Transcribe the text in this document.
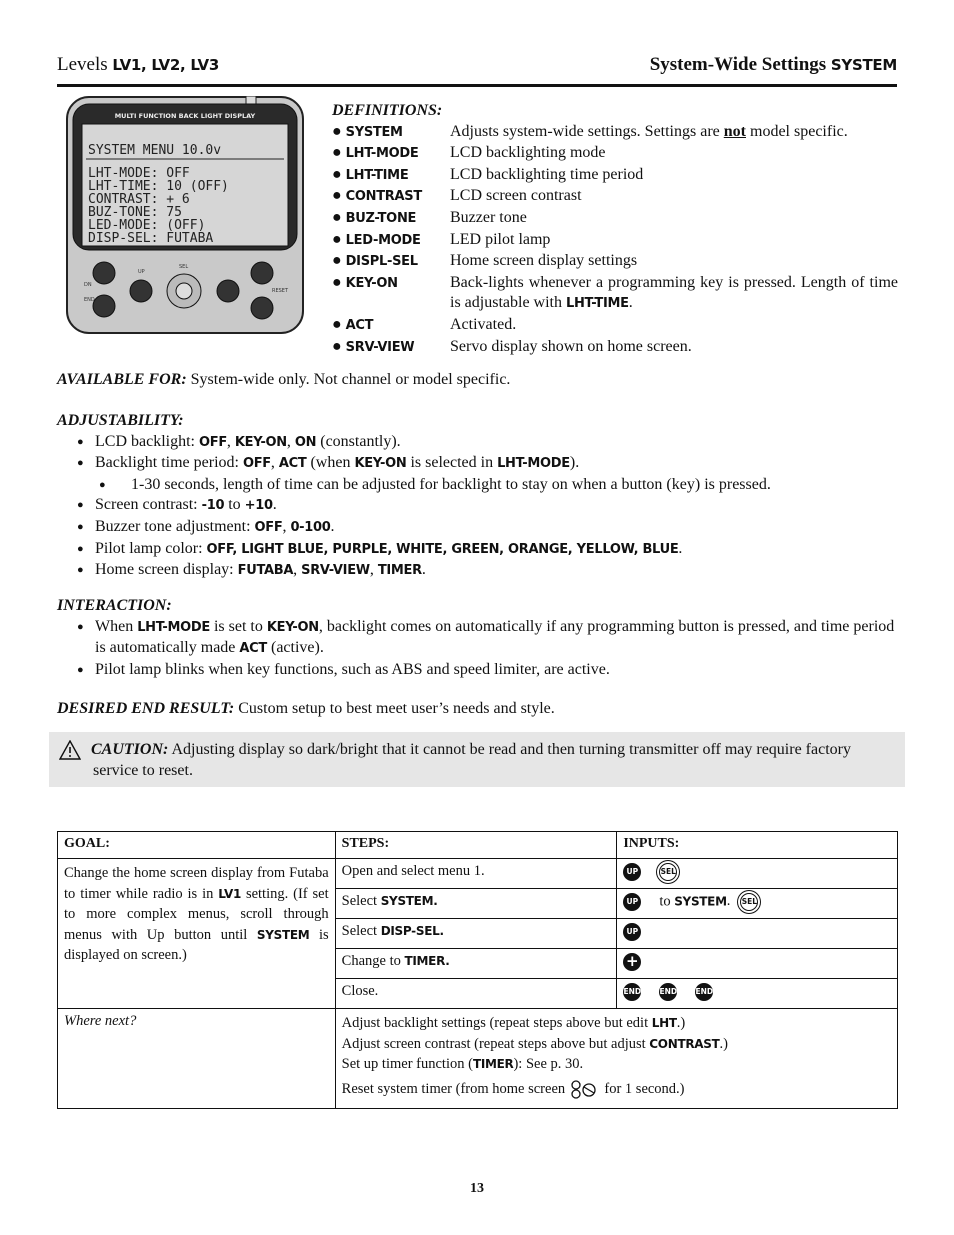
Levels LV1, LV2, LV3	System-Wide Settings SYSTEM
MULTI FUNCTION BACK LIGHT DISPLAY
SYSTEM MENU 10.0v
LHT-MODE: OFF
LHT-TIME: 10 (OFF)
CONTRAST: + 6
BUZ-TONE: 75
LED-MODE: (OFF)
DISP-SEL: FUTABA
UP
SEL
DN
END
RESET
DEFINITIONS:
● SYSTEM	Adjusts system-wide settings. Settings are not model specific.
● LHT-MODE	LCD backlighting mode
● LHT-TIME	LCD backlighting time period
● CONTRAST	LCD screen contrast
● BUZ-TONE	Buzzer tone
● LED-MODE	LED pilot lamp
● DISPL-SEL	Home screen display settings
● KEY-ON	Back-lights whenever a programming key is pressed. Length of time is adjustable with LHT-TIME.
● ACT	Activated.
● SRV-VIEW	Servo display shown on home screen.
AVAILABLE FOR: System-wide only. Not channel or model specific.
ADJUSTABILITY:
● LCD backlight: OFF, KEY-ON, ON (constantly).
● Backlight time period: OFF, ACT (when KEY-ON is selected in LHT-MODE).
● 1-30 seconds, length of time can be adjusted for backlight to stay on when a button (key) is pressed.
● Screen contrast: -10 to +10.
● Buzzer tone adjustment: OFF, 0-100.
● Pilot lamp color: OFF, LIGHT BLUE, PURPLE, WHITE, GREEN, ORANGE, YELLOW, BLUE.
● Home screen display: FUTABA, SRV-VIEW, TIMER.
INTERACTION:
● When LHT-MODE is set to KEY-ON, backlight comes on automatically if any programming button is pressed, and time period is automatically made ACT (active).
● Pilot lamp blinks when key functions, such as ABS and speed limiter, are active.
DESIRED END RESULT: Custom setup to best meet user’s needs and style.
CAUTION: Adjusting display so dark/bright that it cannot be read and then turning transmitter off may require factory service to reset.
GOAL:	STEPS:	INPUTS:
Change the home screen display from Futaba to timer while radio is in LV1 setting. (If set to more complex menus, scroll through menus with Up button until SYSTEM is displayed on screen.)	Open and select menu 1.	UP SEL
	Select SYSTEM.	UP to SYSTEM. SEL
	Select DISP-SEL.	UP
	Change to TIMER.	+
	Close.	END END END
Where next?	Adjust backlight settings (repeat steps above but edit LHT.)
Adjust screen contrast (repeat steps above but adjust CONTRAST.)
Set up timer function (TIMER): See p. 30.
Reset system timer (from home screen  for 1 second.)	
13
